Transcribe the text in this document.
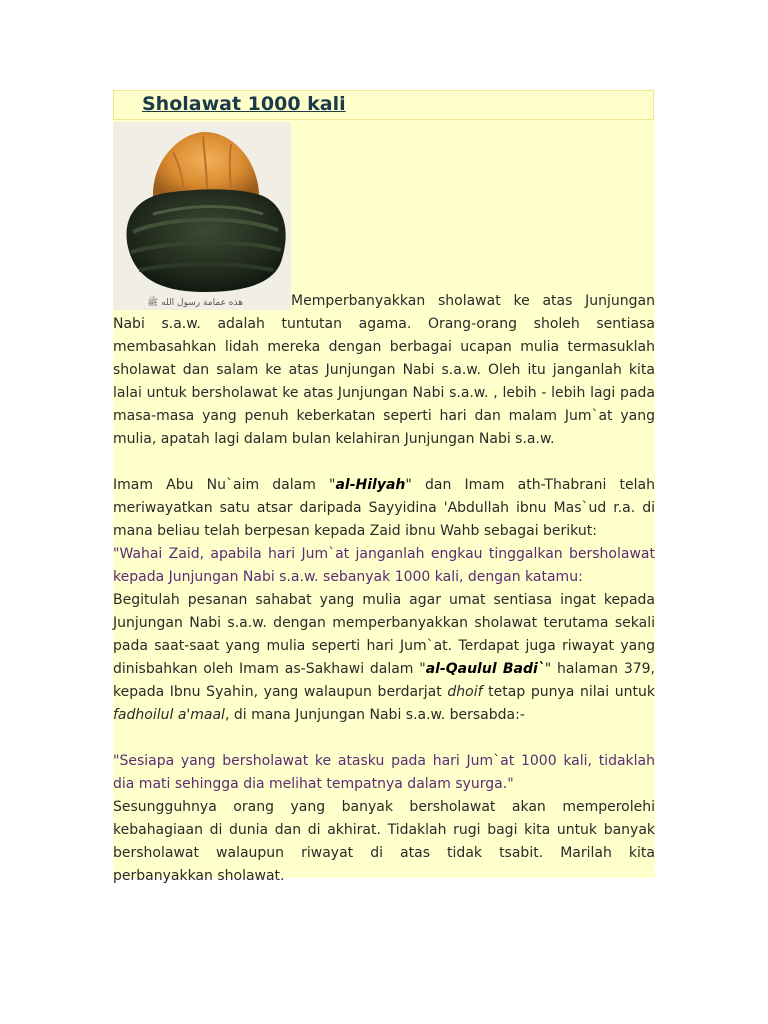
Sholawat 1000 kali
هذه عمامة رسول الله ﷺ	Memperbanyakkan sholawat ke atas Junjungan Nabi s.a.w. adalah tuntutan agama. Orang-orang sholeh sentiasa membasahkan lidah mereka dengan berbagai ucapan mulia termasuklah sholawat dan salam ke atas Junjungan Nabi s.a.w. Oleh itu janganlah kita lalai untuk bersholawat ke atas Junjungan Nabi s.a.w. , lebih - lebih lagi pada masa-masa yang penuh keberkatan seperti hari dan malam Jum`at yang mulia, apatah lagi dalam bulan kelahiran Junjungan Nabi s.a.w.

Imam Abu Nu`aim dalam "al-Hilyah" dan Imam ath-Thabrani telah meriwayatkan satu atsar daripada Sayyidina 'Abdullah ibnu Mas`ud r.a. di mana beliau telah berpesan kepada Zaid ibnu Wahb sebagai berikut:

"Wahai Zaid, apabila hari Jum`at janganlah engkau tinggalkan bersholawat kepada Junjungan Nabi s.a.w. sebanyak 1000 kali, dengan katamu:

Begitulah pesanan sahabat yang mulia agar umat sentiasa ingat kepada Junjungan Nabi s.a.w. dengan memperbanyakkan sholawat terutama sekali pada saat-saat yang mulia seperti hari Jum`at. Terdapat juga riwayat yang dinisbahkan oleh Imam as-Sakhawi dalam "al-Qaulul Badi`" halaman 379, kepada Ibnu Syahin, yang walaupun berdarjat dhoif tetap punya nilai untuk fadhoilul a'maal, di mana Junjungan Nabi s.a.w. bersabda:-

"Sesiapa yang bersholawat ke atasku pada hari Jum`at 1000 kali, tidaklah dia mati sehingga dia melihat tempatnya dalam syurga."

Sesungguhnya orang yang banyak bersholawat akan memperolehi kebahagiaan di dunia dan di akhirat. Tidaklah rugi bagi kita untuk banyak bersholawat walaupun riwayat di atas tidak tsabit. Marilah kita perbanyakkan sholawat.
